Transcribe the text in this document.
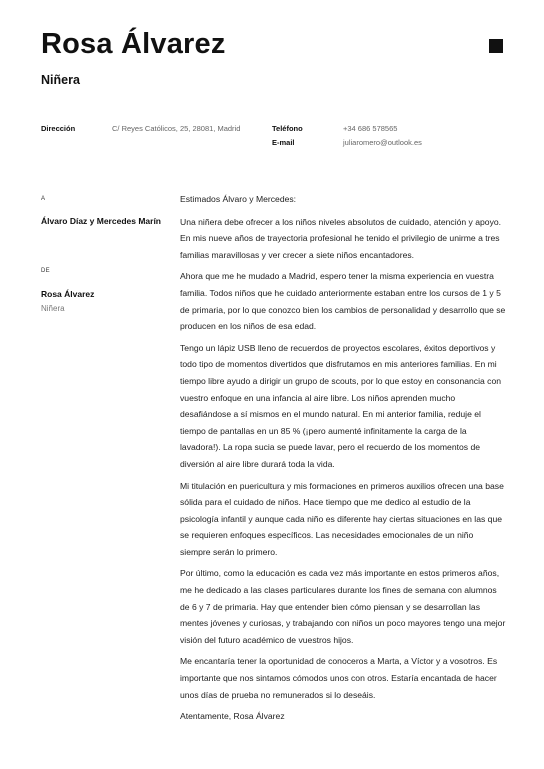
Rosa Álvarez
Niñera
Dirección	C/ Reyes Católicos, 25, 28081, Madrid	Teléfono	+34 686 578565
E-mail	juliaromero@outlook.es
A
Álvaro Díaz y Mercedes Marín
DE
Rosa Álvarez
Niñera

Estimados Álvaro y Mercedes:

Una niñera debe ofrecer a los niños niveles absolutos de cuidado, atención y apoyo. En mis nueve años de trayectoria profesional he tenido el privilegio de unirme a tres familias maravillosas y ver crecer a siete niños encantadores.

Ahora que me he mudado a Madrid, espero tener la misma experiencia en vuestra familia. Todos niños que he cuidado anteriormente estaban entre los cursos de 1 y 5 de primaria, por lo que conozco bien los cambios de personalidad y desarrollo que se producen en los niños de esa edad.

Tengo un lápiz USB lleno de recuerdos de proyectos escolares, éxitos deportivos y todo tipo de momentos divertidos que disfrutamos en mis anteriores familias. En mi tiempo libre ayudo a dirigir un grupo de scouts, por lo que estoy en consonancia con vuestro enfoque en una infancia al aire libre. Los niños aprenden mucho desafiándose a sí mismos en el mundo natural. En mi anterior familia, reduje el tiempo de pantallas en un 85 % (¡pero aumenté infinitamente la carga de la lavadora!). La ropa sucia se puede lavar, pero el recuerdo de los momentos de diversión al aire libre durará toda la vida.

Mi titulación en puericultura y mis formaciones en primeros auxilios ofrecen una base sólida para el cuidado de niños. Hace tiempo que me dedico al estudio de la psicología infantil y aunque cada niño es diferente hay ciertas situaciones en las que se requieren enfoques específicos. Las necesidades emocionales de un niño siempre serán lo primero.

Por último, como la educación es cada vez más importante en estos primeros años, me he dedicado a las clases particulares durante los fines de semana con alumnos de 6 y 7 de primaria. Hay que entender bien cómo piensan y se desarrollan las mentes jóvenes y curiosas, y trabajando con niños un poco mayores tengo una mejor visión del futuro académico de vuestros hijos.

Me encantaría tener la oportunidad de conoceros a Marta, a Víctor y a vosotros. Es importante que nos sintamos cómodos unos con otros. Estaría encantada de hacer unos días de prueba no remunerados si lo deseáis.

Atentamente, Rosa Álvarez
